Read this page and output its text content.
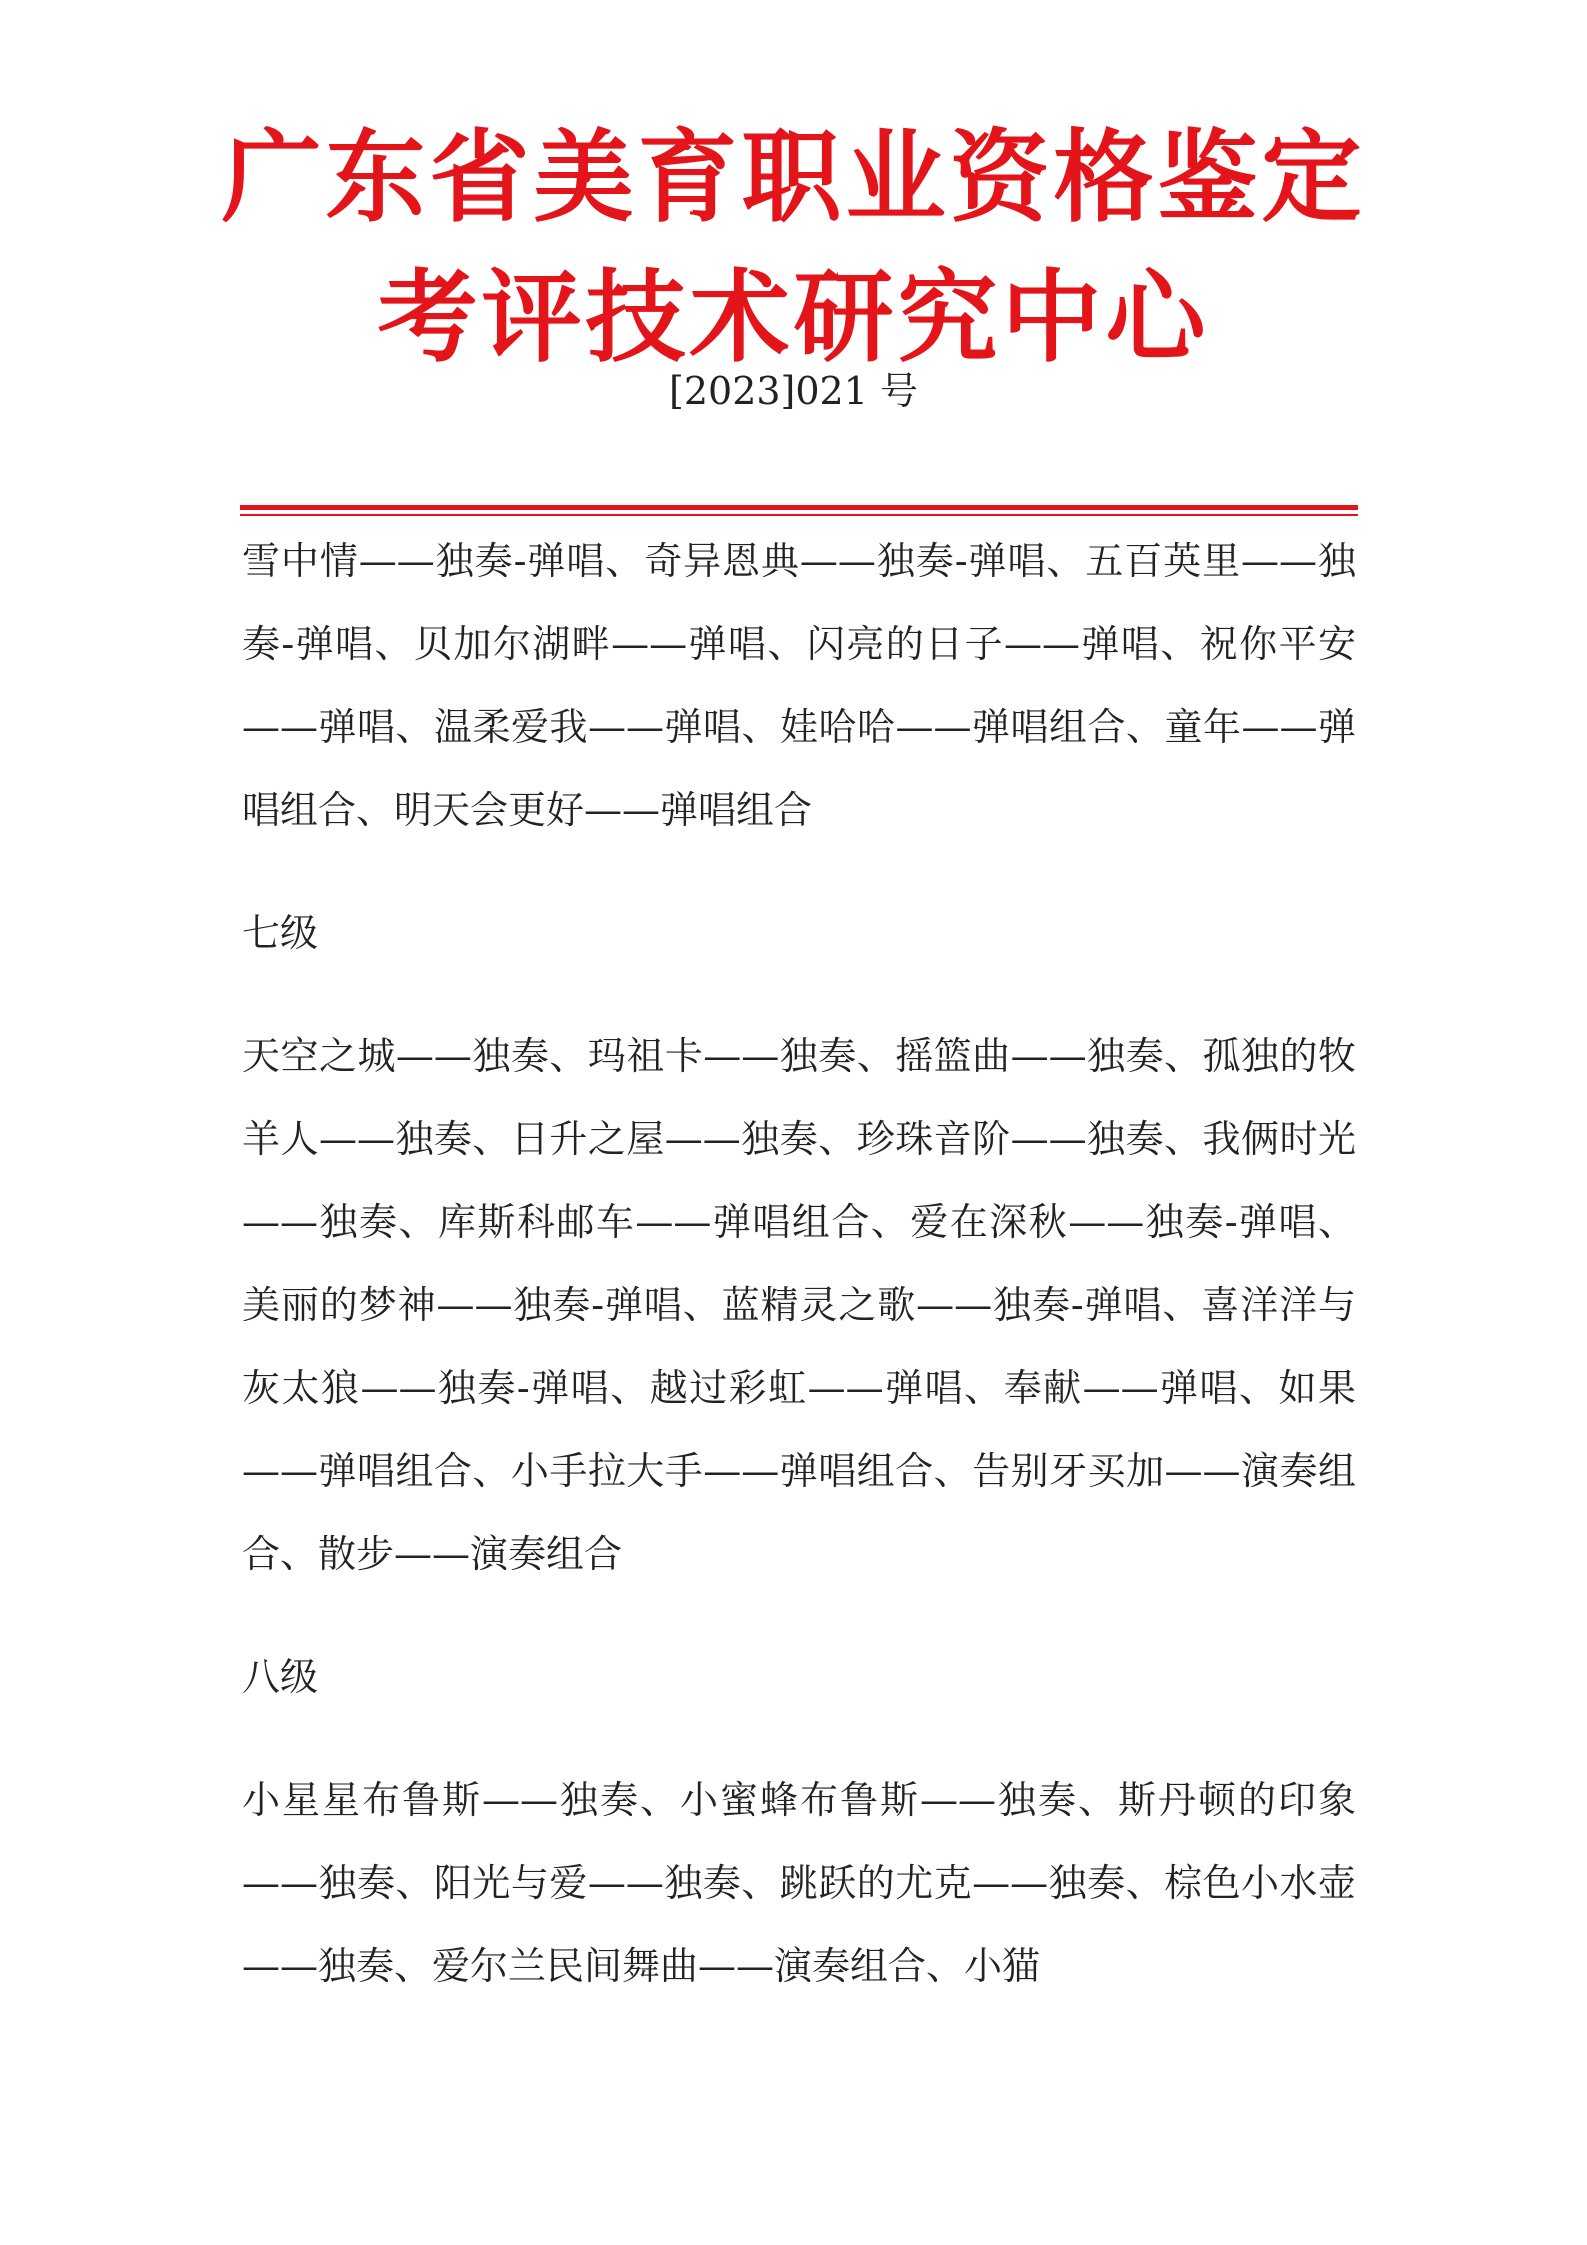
广东省美育职业资格鉴定
考评技术研究中心
[2023]021 号

雪中情——独奏-弹唱、奇异恩典——独奏-弹唱、五百英里——独奏-弹唱、贝加尔湖畔——弹唱、闪亮的日子——弹唱、祝你平安——弹唱、温柔爱我——弹唱、娃哈哈——弹唱组合、童年——弹唱组合、明天会更好——弹唱组合

七级

天空之城——独奏、玛祖卡——独奏、摇篮曲——独奏、孤独的牧羊人——独奏、日升之屋——独奏、珍珠音阶——独奏、我俩时光——独奏、库斯科邮车——弹唱组合、爱在深秋——独奏-弹唱、美丽的梦神——独奏-弹唱、蓝精灵之歌——独奏-弹唱、喜洋洋与灰太狼——独奏-弹唱、越过彩虹——弹唱、奉献——弹唱、如果——弹唱组合、小手拉大手——弹唱组合、告别牙买加——演奏组合、散步——演奏组合

八级

小星星布鲁斯——独奏、小蜜蜂布鲁斯——独奏、斯丹顿的印象——独奏、阳光与爱——独奏、跳跃的尤克——独奏、棕色小水壶——独奏、爱尔兰民间舞曲——演奏组合、小猫
